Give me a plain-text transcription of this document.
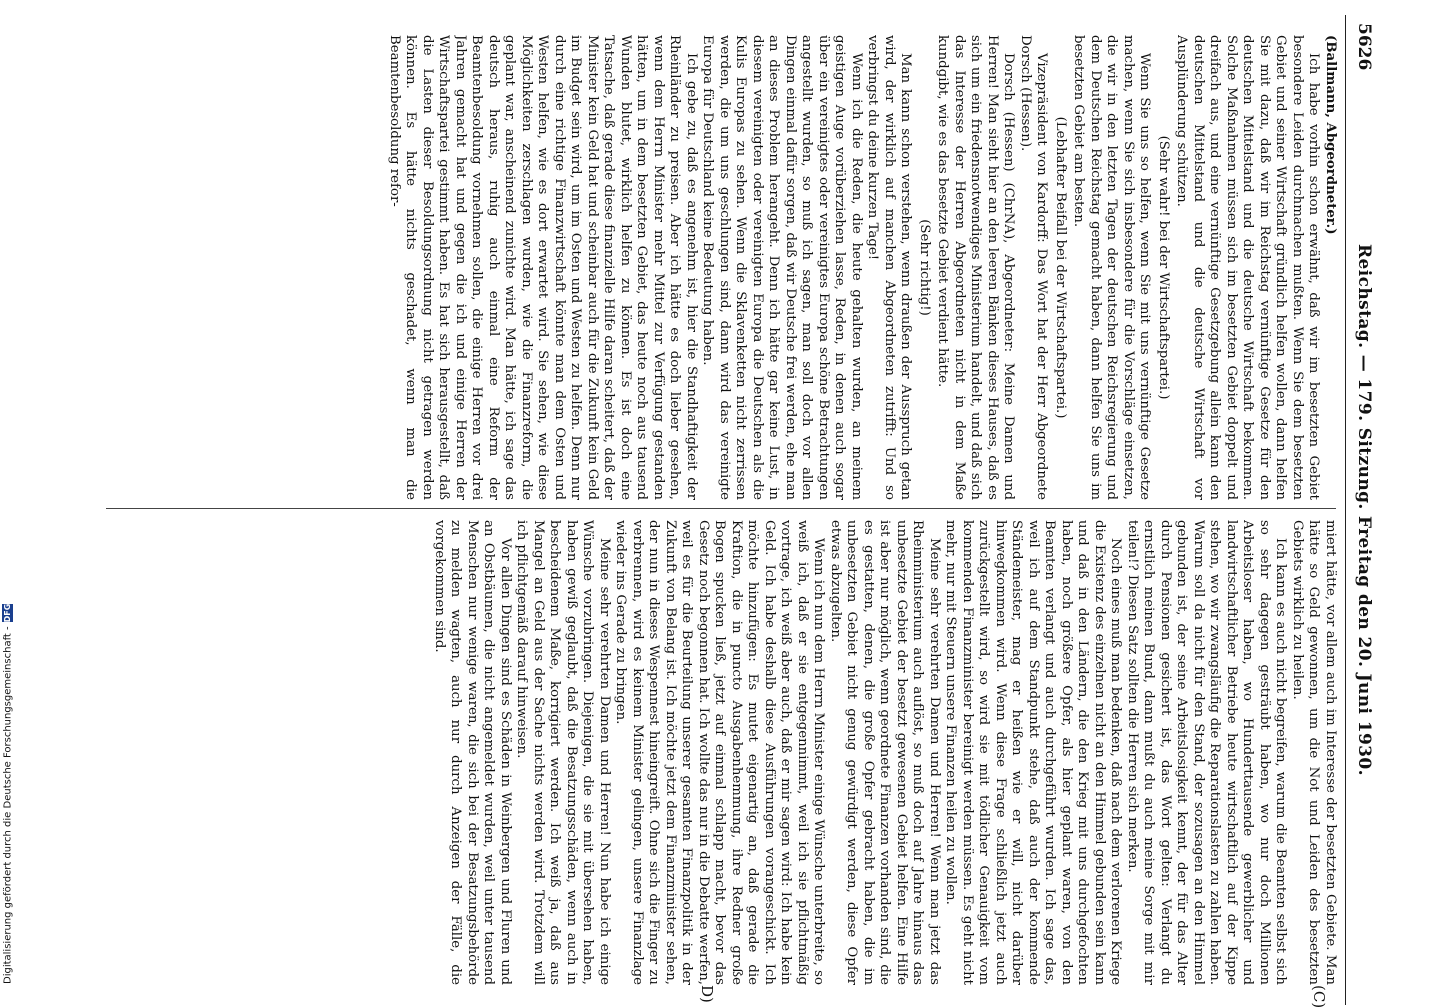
5626
Reichstag. — 179. Sitzung. Freitag den 20. Juni 1930.
(C)
D)

(Ballmann, Abgeordneter.)

Ich habe vorhin schon erwähnt, daß wir im besetzten Gebiet besondere Leiden durchmachen mußten. Wenn Sie dem besetzten Gebiet und seiner Wirtschaft gründlich helfen wollen, dann helfen Sie mit dazu, daß wir im Reichstag vernünftige Gesetze für den deutschen Mittelstand und die deutsche Wirtschaft bekommen. Solche Maßnahmen müssen sich im besetzten Gebiet doppelt und dreifach aus, und eine vernünftige Gesetzgebung allein kann den deutschen Mittelstand und die deutsche Wirtschaft vor Ausplünderung schützen.

(Sehr wahr! bei der Wirtschaftspartei.)

Wenn Sie uns so helfen, wenn Sie mit uns vernünftige Gesetze machen, wenn Sie sich insbesondere für die Vorschläge einsetzen, die wir in den letzten Tagen der deutschen Reichsregierung und dem Deutschen Reichstag gemacht haben, dann helfen Sie uns im besetzten Gebiet am besten.

(Lebhafter Beifall bei der Wirtschaftspartei.)

Vizepräsident von Kardorff: Das Wort hat der Herr Abgeordnete Dorsch (Hessen).

Dorsch (Hessen) (ChrNA), Abgeordneter: Meine Damen und Herren! Man sieht hier an den leeren Bänken dieses Hauses, daß es sich um ein friedensnotwendiges Ministerium handelt, und daß sich das Interesse der Herren Abgeordneten nicht in dem Maße kundgibt, wie es das besetzte Gebiet verdient hätte.

(Sehr richtig!)

Man kann schon verstehen, wenn draußen der Ausspruch getan wird, der wirklich auf manchen Abgeordneten zutrifft: Und so verbringst du deine kurzen Tage!

Wenn ich die Reden, die heute gehalten wurden, an meinem geistigen Auge vorüberziehen lasse, Reden, in denen auch sogar über ein vereinigtes oder vereinigtes Europa schöne Betrachtungen angestellt wurden, so muß ich sagen, man soll doch vor allen Dingen einmal dafür sorgen, daß wir Deutsche frei werden, ehe man an dieses Problem herangeht. Denn ich hätte gar keine Lust, in diesem vereinigten oder vereinigten Europa die Deutschen als die Kulis Europas zu sehen. Wenn die Sklavenketten nicht zerrissen werden, die um uns geschlungen sind, dann wird das vereinigte Europa für Deutschland keine Bedeutung haben.

Ich gebe zu, daß es angenehm ist, hier die Standhaftigkeit der Rheinländer zu preisen. Aber ich hätte es doch lieber gesehen, wenn dem Herrn Minister mehr Mittel zur Verfügung gestanden hätten, um in dem besetzten Gebiet, das heute noch aus tausend Wunden blutet, wirklich helfen zu können. Es ist doch eine Tatsache, daß gerade diese finanzielle Hilfe daran scheitert, daß der Minister kein Geld hat und scheinbar auch für die Zukunft kein Geld im Budget sein wird, um im Osten und Westen zu helfen. Denn nur durch eine richtige Finanzwirtschaft könnte man dem Osten und Westen helfen, wie es dort erwartet wird. Sie sehen, wie diese Möglichkeiten zerschlagen wurden, wie die Finanzreform, die geplant war, anscheinend zunichte wird. Man hätte, ich sage das deutsch heraus, ruhig auch einmal eine Reform der Beamtenbesoldung vornehmen sollen, die einige Herren vor drei Jahren gemacht hat und gegen die ich und einige Herren der Wirtschaftspartei gestimmt haben. Es hat sich herausgestellt, daß die Lasten dieser Besoldungsordnung nicht getragen werden können. Es hätte nichts geschadet, wenn man die Beamtenbesoldung refor-

miert hätte, vor allem auch im Interesse der besetzten Gebiete. Man hätte so Geld gewonnen, um die Not und Leiden des besetzten Gebiets wirklich zu heilen.

Ich kann es auch nicht begreifen, warum die Beamten selbst sich so sehr dagegen gesträubt haben, wo nur doch Millionen Arbeitsloser haben, wo Hunderttausende gewerblicher und landwirtschaftlicher Betriebe heute wirtschaftlich auf der Kippe stehen, wo wir zwangsläufig die Reparationslasten zu zahlen haben. Warum soll da nicht für den Stand, der sozusagen an den Himmel gebunden ist, der seine Arbeitslosigkeit kennt, der für das Alter durch Pensionen gesichert ist, das Wort gelten: Verlangt du ernstlich meinen Bund, dann mußt du auch meine Sorge mit mir teilen!? Diesen Satz sollten die Herren sich merken.

Noch eines muß man bedenken, daß nach dem verlorenen Kriege die Existenz des einzelnen nicht an den Himmel gebunden sein kann und daß in den Ländern, die den Krieg mit uns durchgefochten haben, noch größere Opfer, als hier geplant waren, von den Beamten verlangt und auch durchgeführt wurden. Ich sage das, weil ich auf dem Standpunkt stehe, daß auch der kommende Ständemeister, mag er heißen wie er will, nicht darüber hinwegkommen wird. Wenn diese Frage schließlich jetzt auch zurückgestellt wird, so wird sie mit tödlicher Genauigkeit vom kommenden Finanzminister bereinigt werden müssen. Es geht nicht mehr, nur mit Steuern unsere Finanzen heilen zu wollen.

Meine sehr verehrten Damen und Herren! Wenn man jetzt das Rheinministerium auch auflöst, so muß doch auf Jahre hinaus das unbesetzte Gebiet der besetzt gewesenen Gebiet helfen. Eine Hilfe ist aber nur möglich, wenn geordnete Finanzen vorhanden sind, die es gestatten, denen, die große Opfer gebracht haben, die im unbesetzten Gebiet nicht genug gewürdigt werden, diese Opfer etwas abzugelten.

Wenn ich nun dem Herrn Minister einige Wünsche unterbreite, so weiß ich, daß er sie entgegennimmt, weil ich sie pflichtmäßig vortrage, ich weiß aber auch, daß er mir sagen wird: Ich habe kein Geld. Ich habe deshalb diese Ausführungen vorangeschickt. Ich möchte hinzufügen: Es mutet eigenartig an, daß gerade die Kraftion, die in puncto Ausgabenhemmung, ihre Redner große Bogen spucken ließ, jetzt auf einmal schlapp macht, bevor das Gesetz noch begonnen hat. Ich wollte das nur in die Debatte werfen, weil es für die Beurteilung unserer gesamten Finanzpolitik in der Zukunft von Belang ist. Ich möchte jetzt dem Finanzminister sehen, der nun in dieses Wespennest hineingreift. Ohne sich die Finger zu verbrennen, wird es keinem Minister gelingen, unsere Finanzlage wieder ins Gerade zu bringen.

Meine sehr verehrten Damen und Herren! Nun habe ich einige Wünsche vorzubringen. Diejenigen, die sie mit übersehen haben, haben gewiß geglaubt, daß die Besatzungsschäden, wenn auch in bescheidenem Maße, korrigiert werden. Ich weiß ja, daß aus Mangel an Geld aus der Sache nichts werden wird. Trotzdem will ich pflichtgemäß darauf hinweisen.

Vor allen Dingen sind es Schäden in Weinbergen und Fluren und an Obstbäumen, die nicht angemeldet wurden, weil unter tausend Menschen nur wenige waren, die sich bei der Besatzungsbehörde zu melden wagten, auch nur durch Anzeigen der Fälle, die vorgekommen sind.

Digitalisierung gefördert durch die Deutsche Forschungsgemeinschaft -DFG
